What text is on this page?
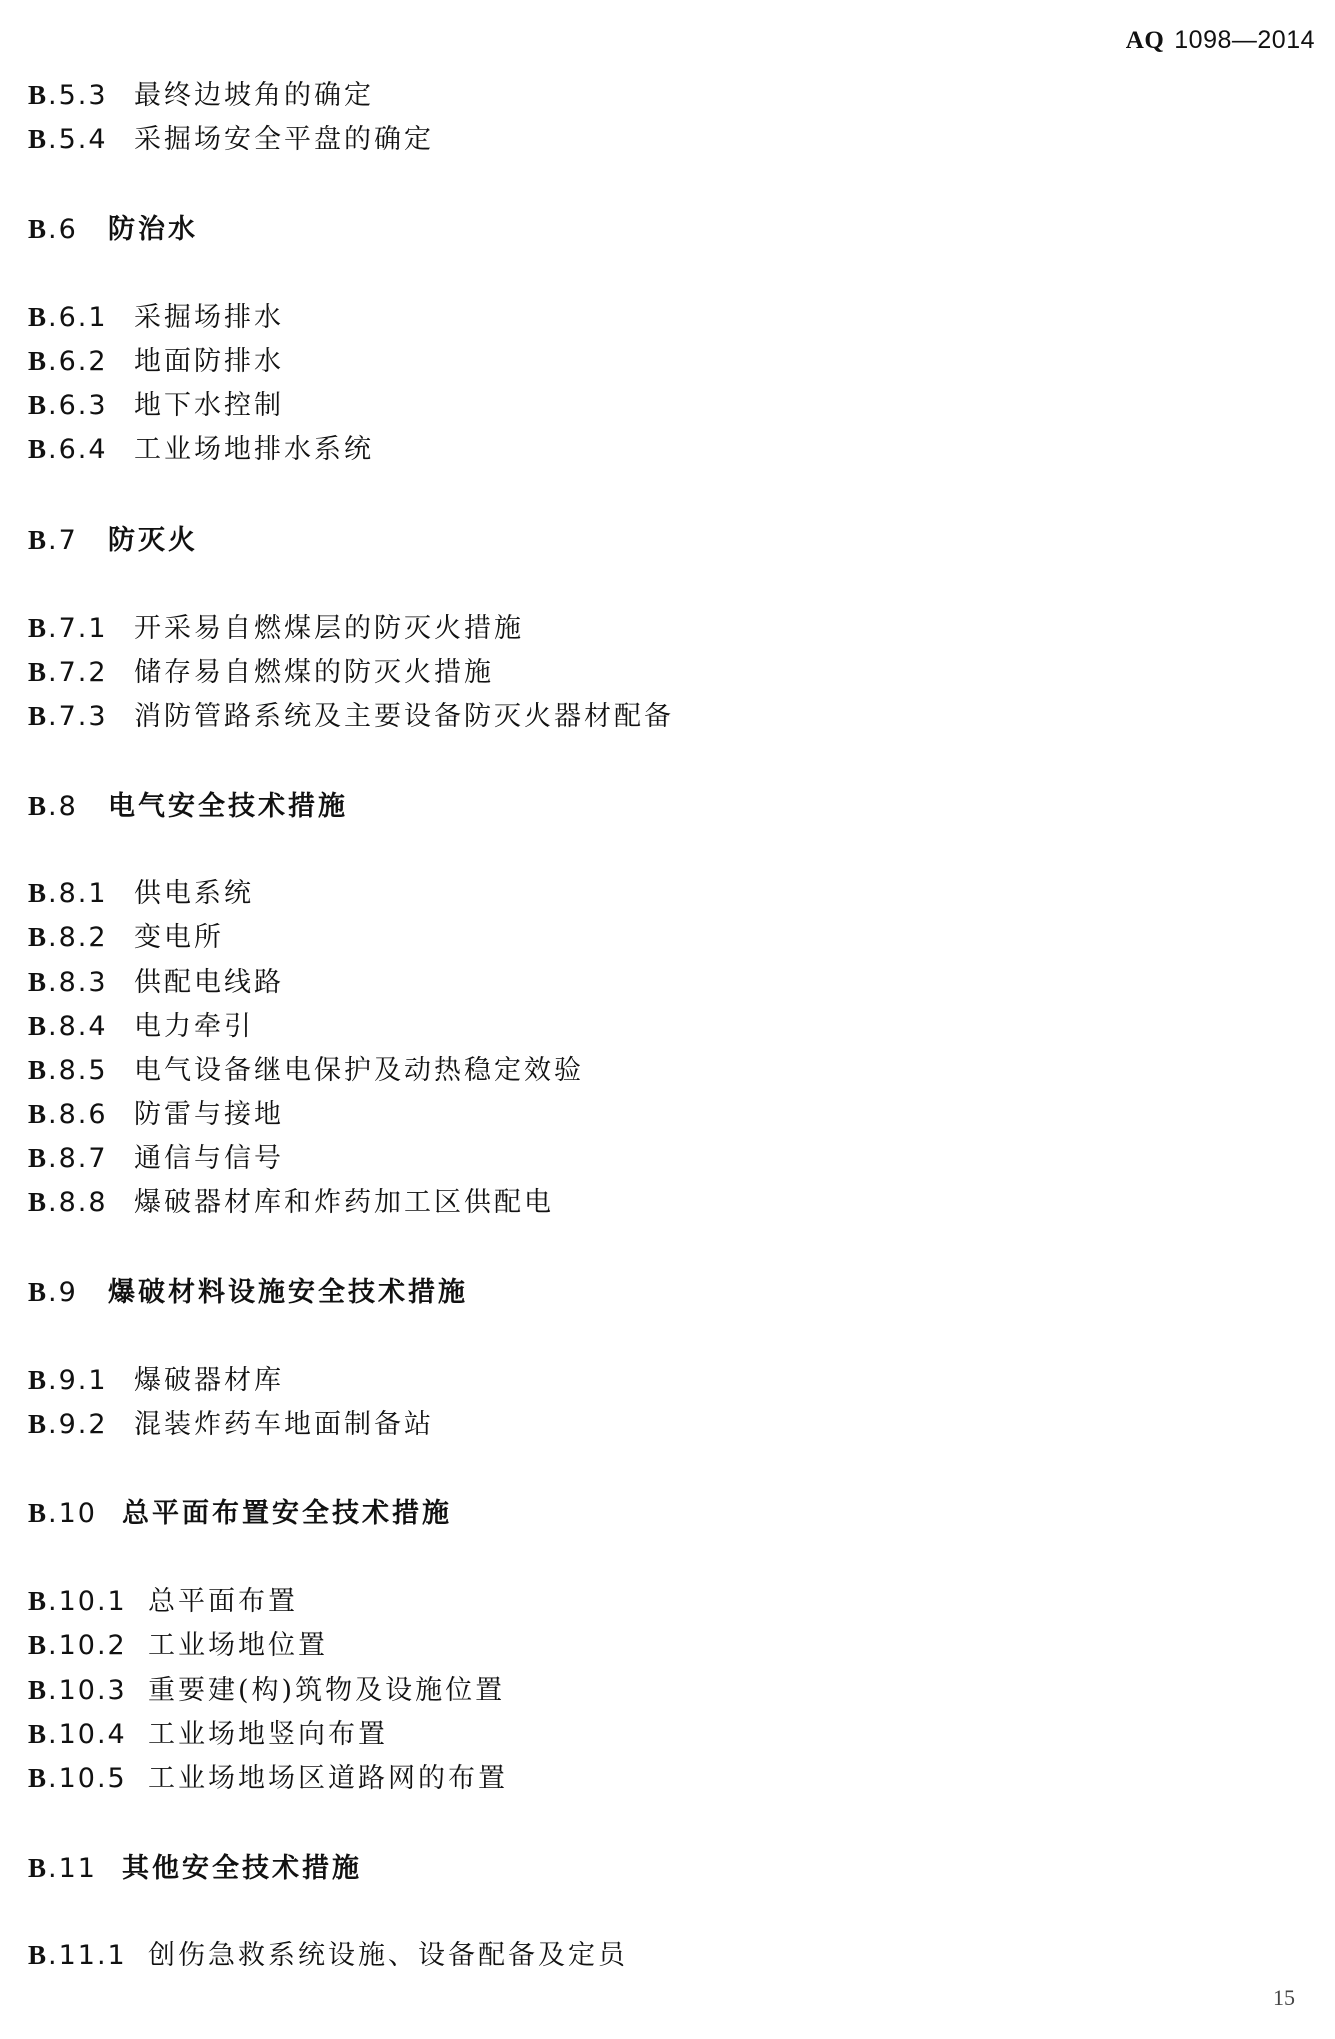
AQ 1098—2014
B.5.3 最终边坡角的确定
B.5.4 采掘场安全平盘的确定
B.6 防治水
B.6.1 采掘场排水
B.6.2 地面防排水
B.6.3 地下水控制
B.6.4 工业场地排水系统
B.7 防灭火
B.7.1 开采易自燃煤层的防灭火措施
B.7.2 储存易自燃煤的防灭火措施
B.7.3 消防管路系统及主要设备防灭火器材配备
B.8 电气安全技术措施
B.8.1 供电系统
B.8.2 变电所
B.8.3 供配电线路
B.8.4 电力牵引
B.8.5 电气设备继电保护及动热稳定效验
B.8.6 防雷与接地
B.8.7 通信与信号
B.8.8 爆破器材库和炸药加工区供配电
B.9 爆破材料设施安全技术措施
B.9.1 爆破器材库
B.9.2 混装炸药车地面制备站
B.10 总平面布置安全技术措施
B.10.1 总平面布置
B.10.2 工业场地位置
B.10.3 重要建(构)筑物及设施位置
B.10.4 工业场地竖向布置
B.10.5 工业场地场区道路网的布置
B.11 其他安全技术措施
B.11.1 创伤急救系统设施、设备配备及定员
15
